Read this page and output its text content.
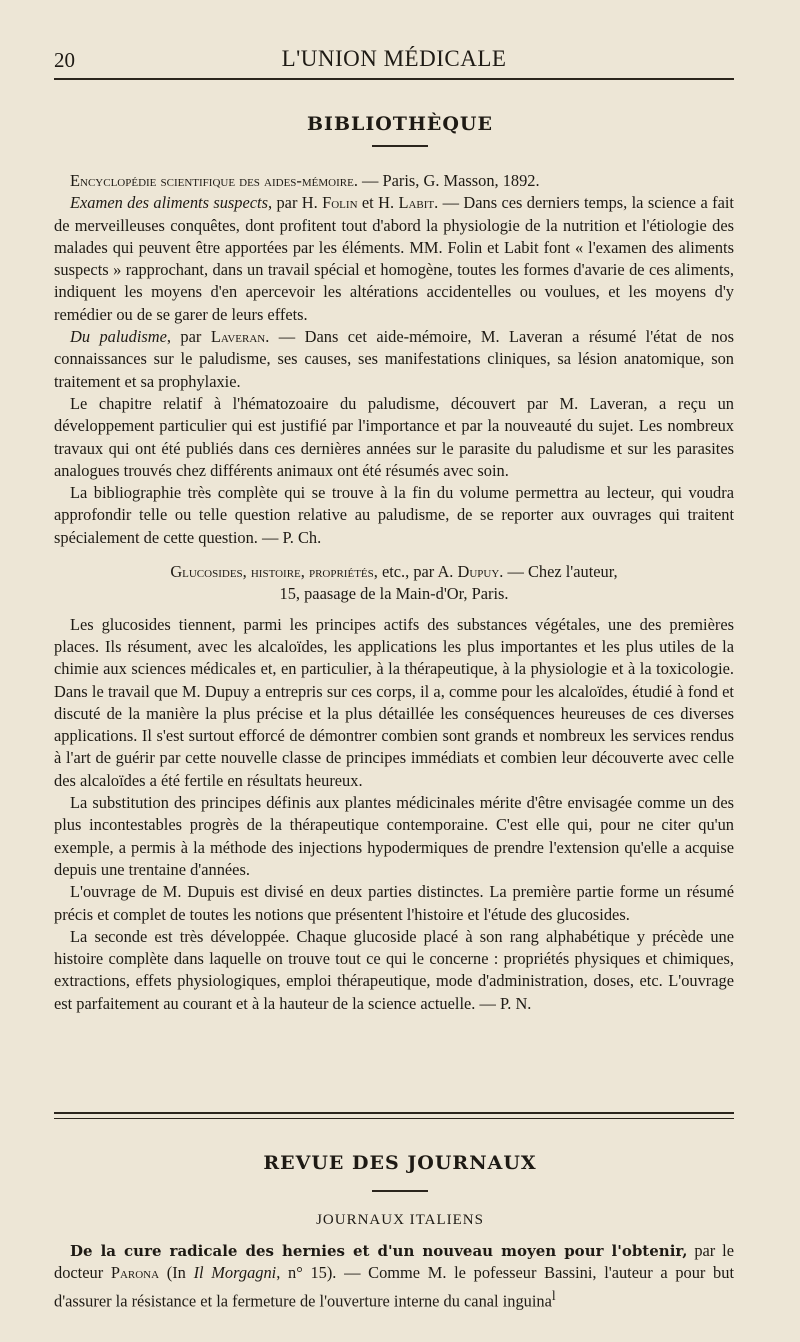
20	L'UNION MÉDICALE
BIBLIOTHÈQUE

Encyclopédie scientifique des aides-mémoire. — Paris, G. Masson, 1892.

Examen des aliments suspects, par H. Folin et H. Labit. — Dans ces derniers temps, la science a fait de merveilleuses conquêtes, dont profitent tout d'abord la physiologie de la nutrition et l'étiologie des malades qui peuvent être apportées par les éléments. MM. Folin et Labit font « l'examen des aliments suspects » rapprochant, dans un travail spécial et homogène, toutes les formes d'avarie de ces aliments, indiquent les moyens d'en apercevoir les altérations accidentelles ou voulues, et les moyens d'y remédier ou de se garer de leurs effets.

Du paludisme, par Laveran. — Dans cet aide-mémoire, M. Laveran a résumé l'état de nos connaissances sur le paludisme, ses causes, ses manifestations cliniques, sa lésion anatomique, son traitement et sa prophylaxie.

Le chapitre relatif à l'hématozoaire du paludisme, découvert par M. Laveran, a reçu un développement particulier qui est justifié par l'importance et par la nouveauté du sujet. Les nombreux travaux qui ont été publiés dans ces dernières années sur le parasite du paludisme et sur les parasites analogues trouvés chez différents animaux ont été résumés avec soin.

La bibliographie très complète qui se trouve à la fin du volume permettra au lecteur, qui voudra approfondir telle ou telle question relative au paludisme, de se reporter aux ouvrages qui traitent spécialement de cette question. — P. Ch.

Glucosides, histoire, propriétés, etc., par A. Dupuy. — Chez l'auteur,
15, paasage de la Main-d'Or, Paris.

Les glucosides tiennent, parmi les principes actifs des substances végétales, une des premières places. Ils résument, avec les alcaloïdes, les applications les plus importantes et les plus utiles de la chimie aux sciences médicales et, en particulier, à la thérapeutique, à la physiologie et à la toxicologie. Dans le travail que M. Dupuy a entrepris sur ces corps, il a, comme pour les alcaloïdes, étudié à fond et discuté de la manière la plus précise et la plus détaillée les conséquences heureuses de ces diverses applications. Il s'est surtout efforcé de démontrer combien sont grands et nombreux les services rendus à l'art de guérir par cette nouvelle classe de principes immédiats et combien leur découverte avec celle des alcaloïdes a été fertile en résultats heureux.

La substitution des principes définis aux plantes médicinales mérite d'être envisagée comme un des plus incontestables progrès de la thérapeutique contemporaine. C'est elle qui, pour ne citer qu'un exemple, a permis à la méthode des injections hypodermiques de prendre l'extension qu'elle a acquise depuis une trentaine d'années.

L'ouvrage de M. Dupuis est divisé en deux parties distinctes. La première partie forme un résumé précis et complet de toutes les notions que présentent l'histoire et l'étude des glucosides.

La seconde est très développée. Chaque glucoside placé à son rang alphabétique y précède une histoire complète dans laquelle on trouve tout ce qui le concerne : propriétés physiques et chimiques, extractions, effets physiologiques, emploi thérapeutique, mode d'administration, doses, etc. L'ouvrage est parfaitement au courant et à la hauteur de la science actuelle. — P. N.

REVUE DES JOURNAUX
JOURNAUX ITALIENS

De la cure radicale des hernies et d'un nouveau moyen pour l'obtenir, par le docteur Parona (In Il Morgagni, n° 15). — Comme M. le pofesseur Bassini, l'auteur a pour but d'assurer la résistance et la fermeture de l'ouverture interne du canal inguina$^l$
